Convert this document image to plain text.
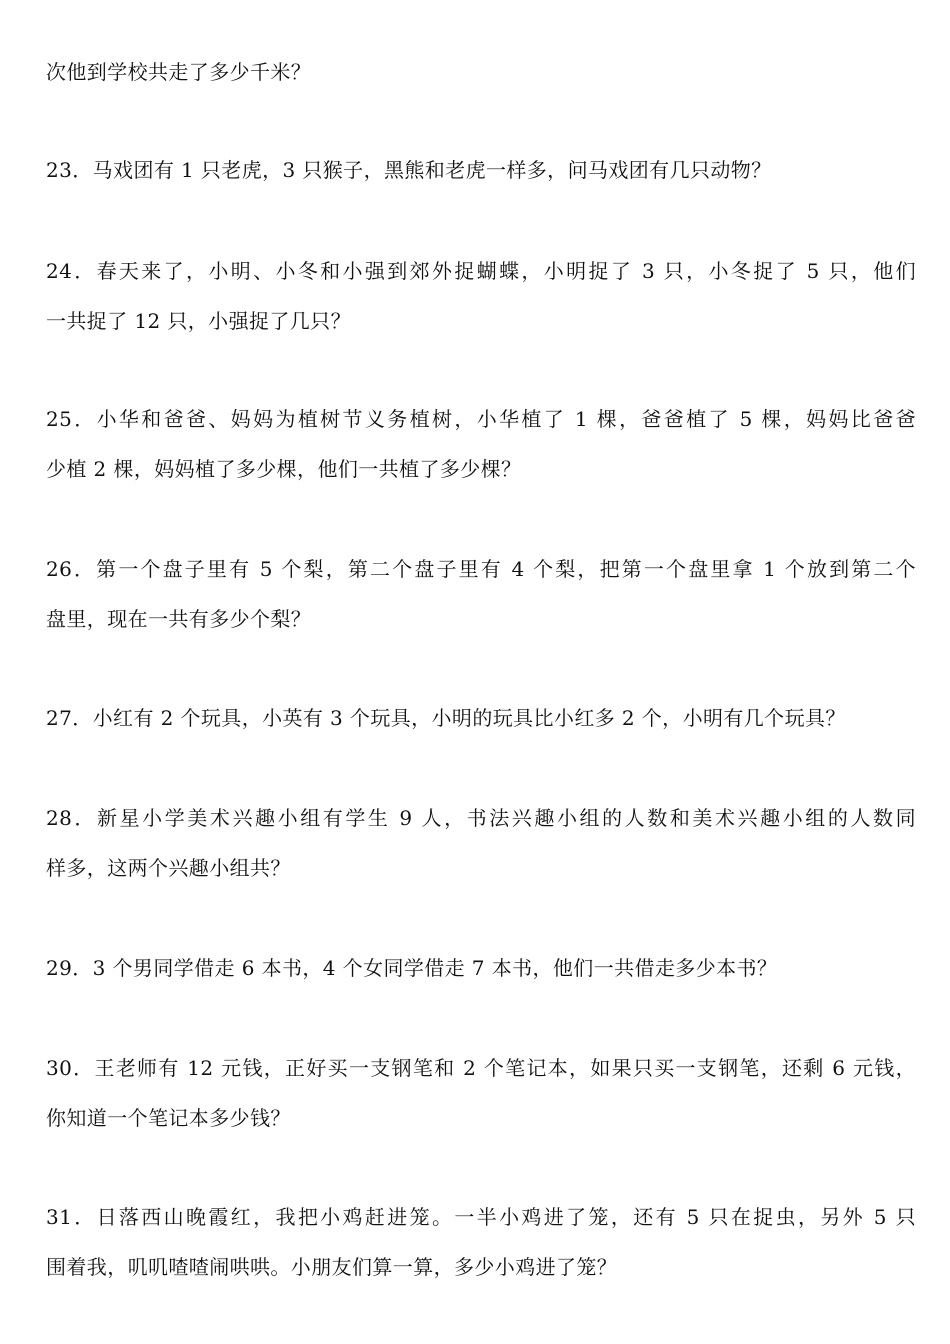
次他到学校共走了多少千米？
23．马戏团有 1 只老虎，3 只猴子，黑熊和老虎一样多，问马戏团有几只动物？
24．春天来了，小明、小冬和小强到郊外捉蝴蝶，小明捉了 3 只，小冬捉了 5 只，他们
一共捉了 12 只，小强捉了几只？
25．小华和爸爸、妈妈为植树节义务植树，小华植了 1 棵，爸爸植了 5 棵，妈妈比爸爸
少植 2 棵，妈妈植了多少棵，他们一共植了多少棵？
26．第一个盘子里有 5 个梨，第二个盘子里有 4 个梨，把第一个盘里拿 1 个放到第二个
盘里，现在一共有多少个梨？
27．小红有 2 个玩具，小英有 3 个玩具，小明的玩具比小红多 2 个，小明有几个玩具？
28．新星小学美术兴趣小组有学生 9 人，书法兴趣小组的人数和美术兴趣小组的人数同
样多，这两个兴趣小组共？
29．3 个男同学借走 6 本书，4 个女同学借走 7 本书，他们一共借走多少本书？
30．王老师有 12 元钱，正好买一支钢笔和 2 个笔记本，如果只买一支钢笔，还剩 6 元钱，
你知道一个笔记本多少钱？
31．日落西山晚霞红，我把小鸡赶进笼。一半小鸡进了笼，还有 5 只在捉虫，另外 5 只
围着我，叽叽喳喳闹哄哄。小朋友们算一算，多少小鸡进了笼？
